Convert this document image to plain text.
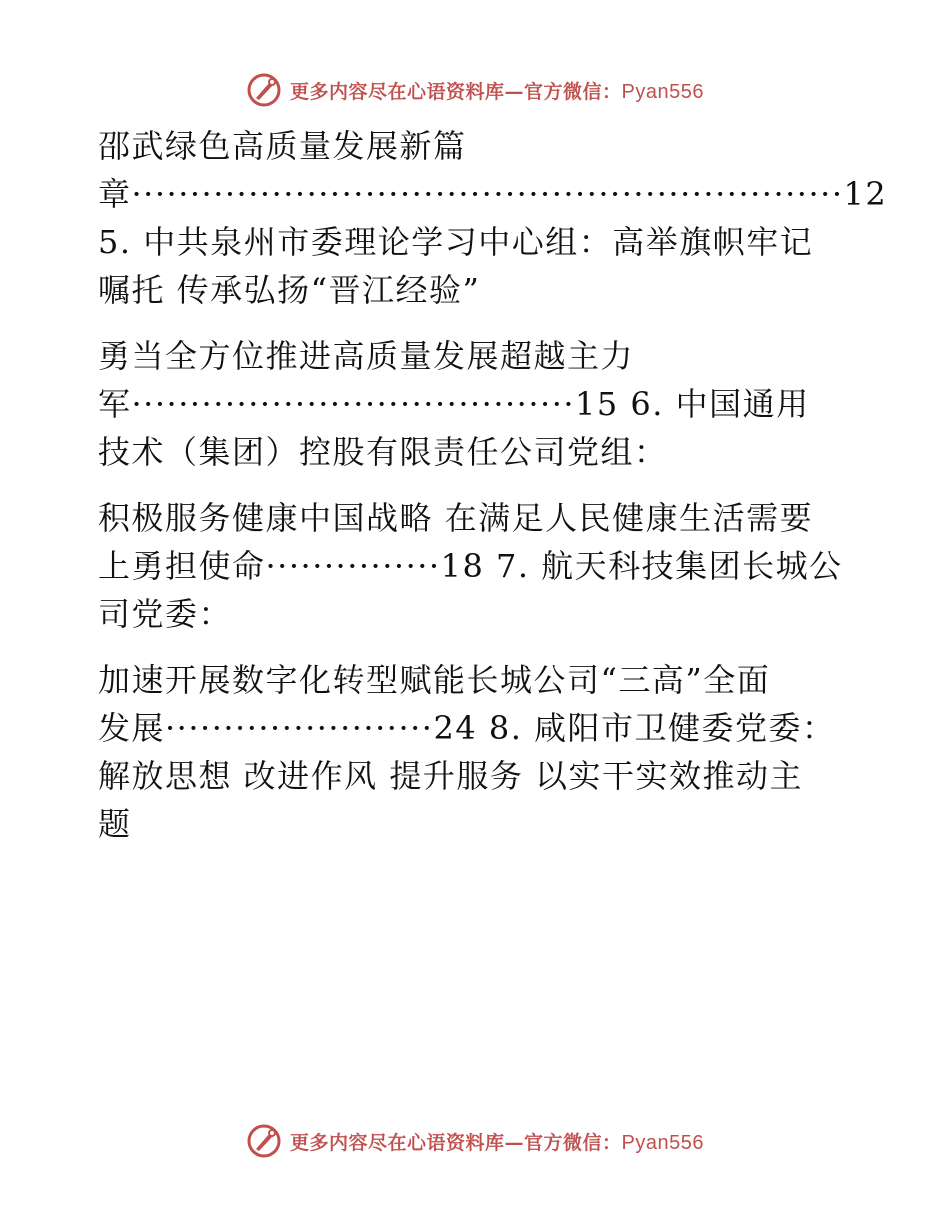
更多内容尽在心语资料库—官方微信：Pyan556
邵武绿色高质量发展新篇
章·····························································12
5. 中共泉州市委理论学习中心组：高举旗帜牢记
嘱托 传承弘扬“晋江经验”
勇当全方位推进高质量发展超越主力
军······································15 6. 中国通用
技术（集团）控股有限责任公司党组：
积极服务健康中国战略 在满足人民健康生活需要
上勇担使命···············18 7. 航天科技集团长城公
司党委：
加速开展数字化转型赋能长城公司“三高”全面
发展·······················24 8. 咸阳市卫健委党委：
解放思想 改进作风 提升服务 以实干实效推动主
题
更多内容尽在心语资料库—官方微信：Pyan556
